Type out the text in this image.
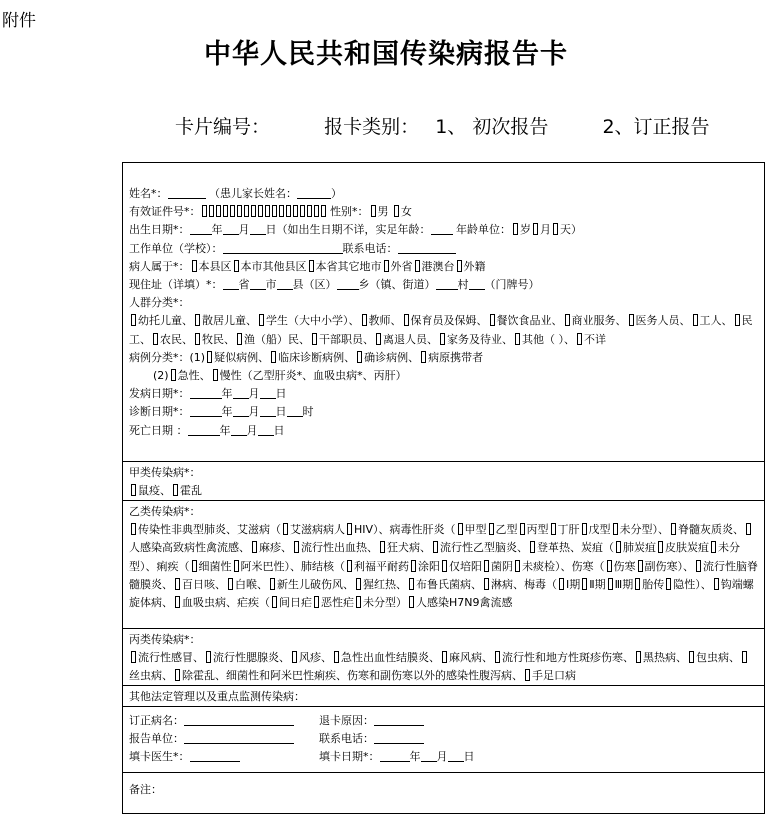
附件
中华人民共和国传染病报告卡
卡片编号：	报卡类别： 1、 初次报告	2、订正报告
姓名*：	（患儿家长姓名：	）
有效证件号*：	性别*： 男 女
出生日期*： 年 月 日（如出生日期不详，实足年龄： 年龄单位： 岁 月 天）
工作单位（学校）：	联系电话：
病人属于*： 本县区 本市其他县区 本省其它地市 外省 港澳台 外籍
现住址（详填）*： 省 市 县（区） 乡（镇、街道） 村 （门牌号）
人群分类*：
幼托儿童、 散居儿童、 学生（大中小学）、 教师、 保育员及保姆、 餐饮食品业、 商业服务、 医务人员、 工人、 民工、 农民、 牧民、 渔（船）民、 干部职员、 离退人员、 家务及待业、 其他（ ）、 不详
病例分类*：(1) 疑似病例、 临床诊断病例、 确诊病例、 病原携带者
(2) 急性、 慢性（乙型肝炎*、血吸虫病*、丙肝）
发病日期*：	年 月 日
诊断日期*：	年 月 日 时
死亡日期 ：	年 月 日
甲类传染病*：
鼠疫、 霍乱
乙类传染病*：
传染性非典型肺炎、艾滋病（ 艾滋病病人 HIV）、病毒性肝炎（ 甲型 乙型 丙型 丁肝 戊型 未分型）、 脊髓灰质炎、人感染高致病性禽流感、 麻疹、 流行性出血热、 狂犬病、 流行性乙型脑炎、 登革热、炭疽（ 肺炭疽 皮肤炭疽 未分型）、痢疾（ 细菌性 阿米巴性）、肺结核（ 利福平耐药 涂阳 仅培阳 菌阴 未痰检）、伤寒（ 伤寒 副伤寒）、 流行性脑脊髓膜炎、 百日咳、 白喉、 新生儿破伤风、 猩红热、 布鲁氏菌病、 淋病、梅毒（ Ⅰ期 Ⅱ期 Ⅲ期 胎传 隐性）、 钩端螺旋体病、 血吸虫病、疟疾（ 间日疟 恶性疟 未分型） 人感染H7N9禽流感
丙类传染病*：
流行性感冒、 流行性腮腺炎、 风疹、 急性出血性结膜炎、 麻风病、 流行性和地方性斑疹伤寒、 黑热病、 包虫病、丝虫病、 除霍乱、细菌性和阿米巴性痢疾、伤寒和副伤寒以外的感染性腹泻病、 手足口病
其他法定管理以及重点监测传染病：
订正病名：	退卡原因：
报告单位：	联系电话：
填卡医生*：	填卡日期*：	年 月 日
备注：
